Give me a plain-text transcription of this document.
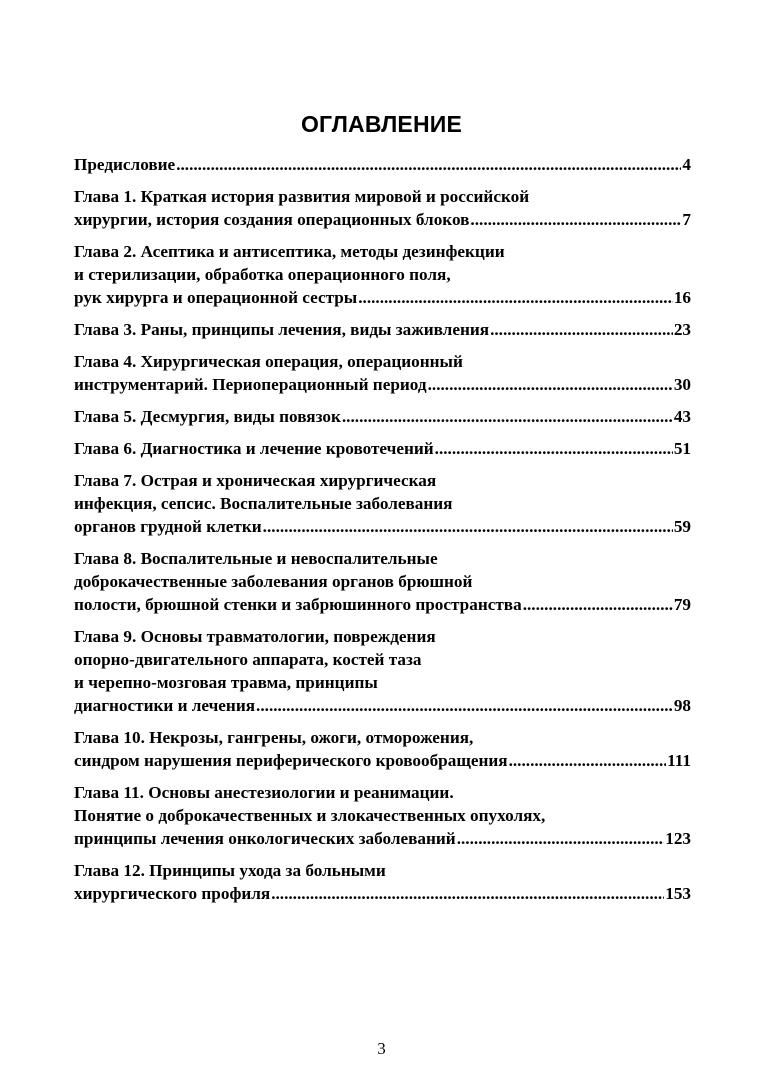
ОГЛАВЛЕНИЕ
Предисловие .....	4
Глава 1. Краткая история развития мировой и российской
хирургии, история создания операционных блоков .....	7
Глава 2. Асептика и антисептика, методы дезинфекции
и стерилизации, обработка операционного поля,
рук хирурга и операционной сестры .....	16
Глава 3. Раны, принципы лечения, виды заживления .....	23
Глава 4. Хирургическая операция, операционный
инструментарий. Периоперационный период .....	30
Глава 5. Десмургия, виды повязок .....	43
Глава 6. Диагностика и лечение кровотечений .....	51
Глава 7. Острая и хроническая хирургическая
инфекция, сепсис. Воспалительные заболевания
органов грудной клетки .....	59
Глава 8. Воспалительные и невоспалительные
доброкачественные заболевания органов брюшной
полости, брюшной стенки и забрюшинного пространства .....	79
Глава 9. Основы травматологии, повреждения
опорно-двигательного аппарата, костей таза
и черепно-мозговая травма, принципы
диагностики и лечения .....	98
Глава 10. Некрозы, гангрены, ожоги, отморожения,
синдром нарушения периферического кровообращения .....	111
Глава 11. Основы анестезиологии и реанимации.
Понятие о доброкачественных и злокачественных опухолях,
принципы лечения онкологических заболеваний .....	123
Глава 12. Принципы ухода за больными
хирургического профиля .....	153
3
